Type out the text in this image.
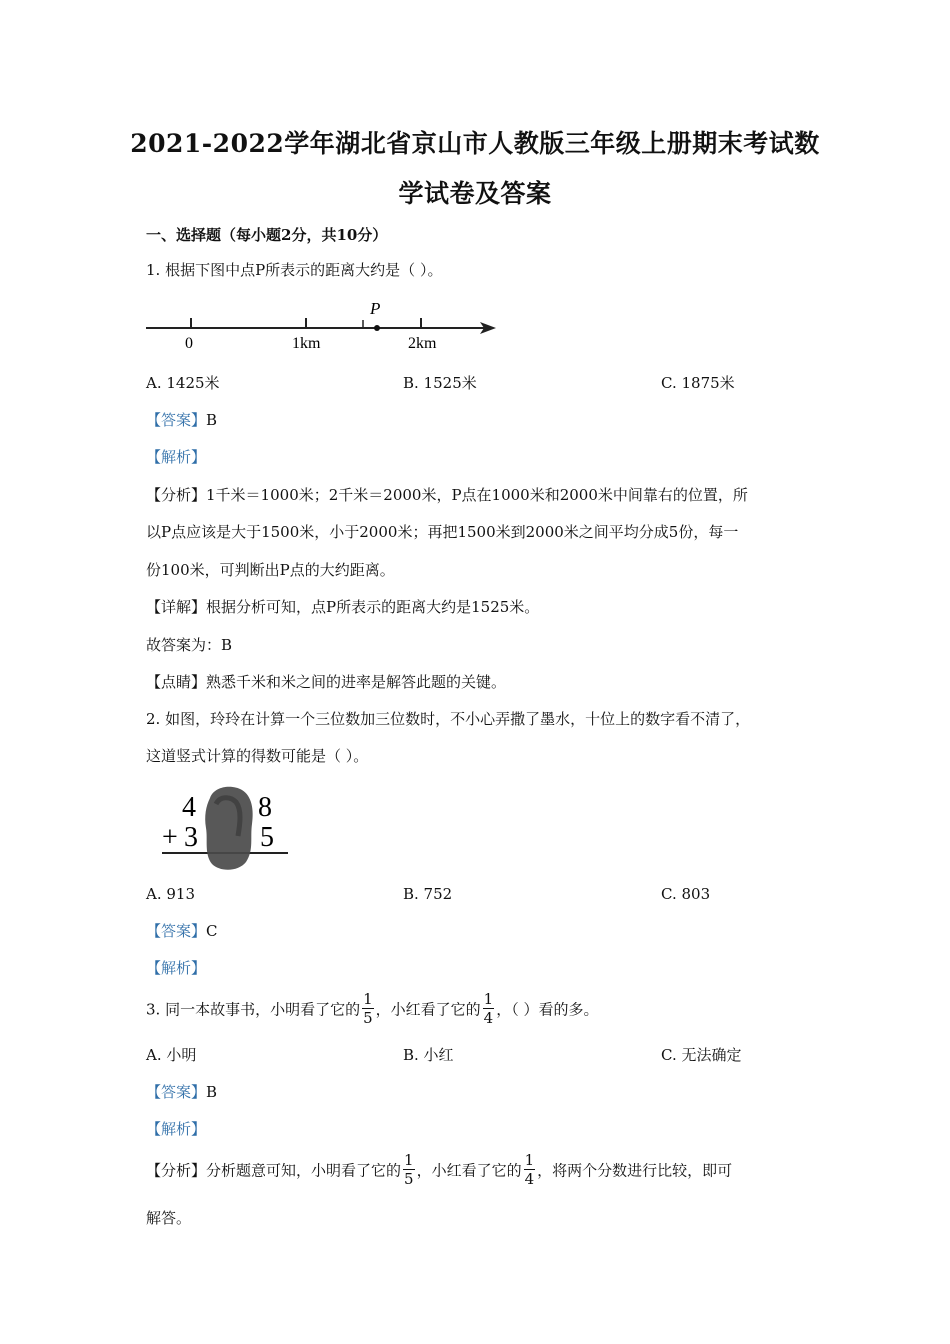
2021-2022学年湖北省京山市人教版三年级上册期末考试数
学试卷及答案
一、选择题（每小题2分，共10分）
1. 根据下图中点P所表示的距离大约是（ ）。
P
0	1km	2km
A. 1425米	B. 1525米	C. 1875米
【答案】B
【解析】
【分析】1千米＝1000米；2千米＝2000米，P点在1000米和2000米中间靠右的位置，所
以P点应该是大于1500米，小于2000米；再把1500米到2000米之间平均分成5份，每一
份100米，可判断出P点的大约距离。
【详解】根据分析可知，点P所表示的距离大约是1525米。
故答案为：B
【点睛】熟悉千米和米之间的进率是解答此题的关键。
2. 如图，玲玲在计算一个三位数加三位数时，不小心弄撒了墨水，十位上的数字看不清了，
这道竖式计算的得数可能是（ ）。
4 8
+ 3 5
A. 913	B. 752	C. 803
【答案】C
【解析】
3. 同一本故事书，小明看了它的 $\frac{1}{5}$ ，小红看了它的 $\frac{1}{4}$ ，（ ）看的多。
A. 小明	B. 小红	C. 无法确定
【答案】B
【解析】
【分析】分析题意可知，小明看了它的 $\frac{1}{5}$ ，小红看了它的 $\frac{1}{4}$ ，将两个分数进行比较，即可
解答。
